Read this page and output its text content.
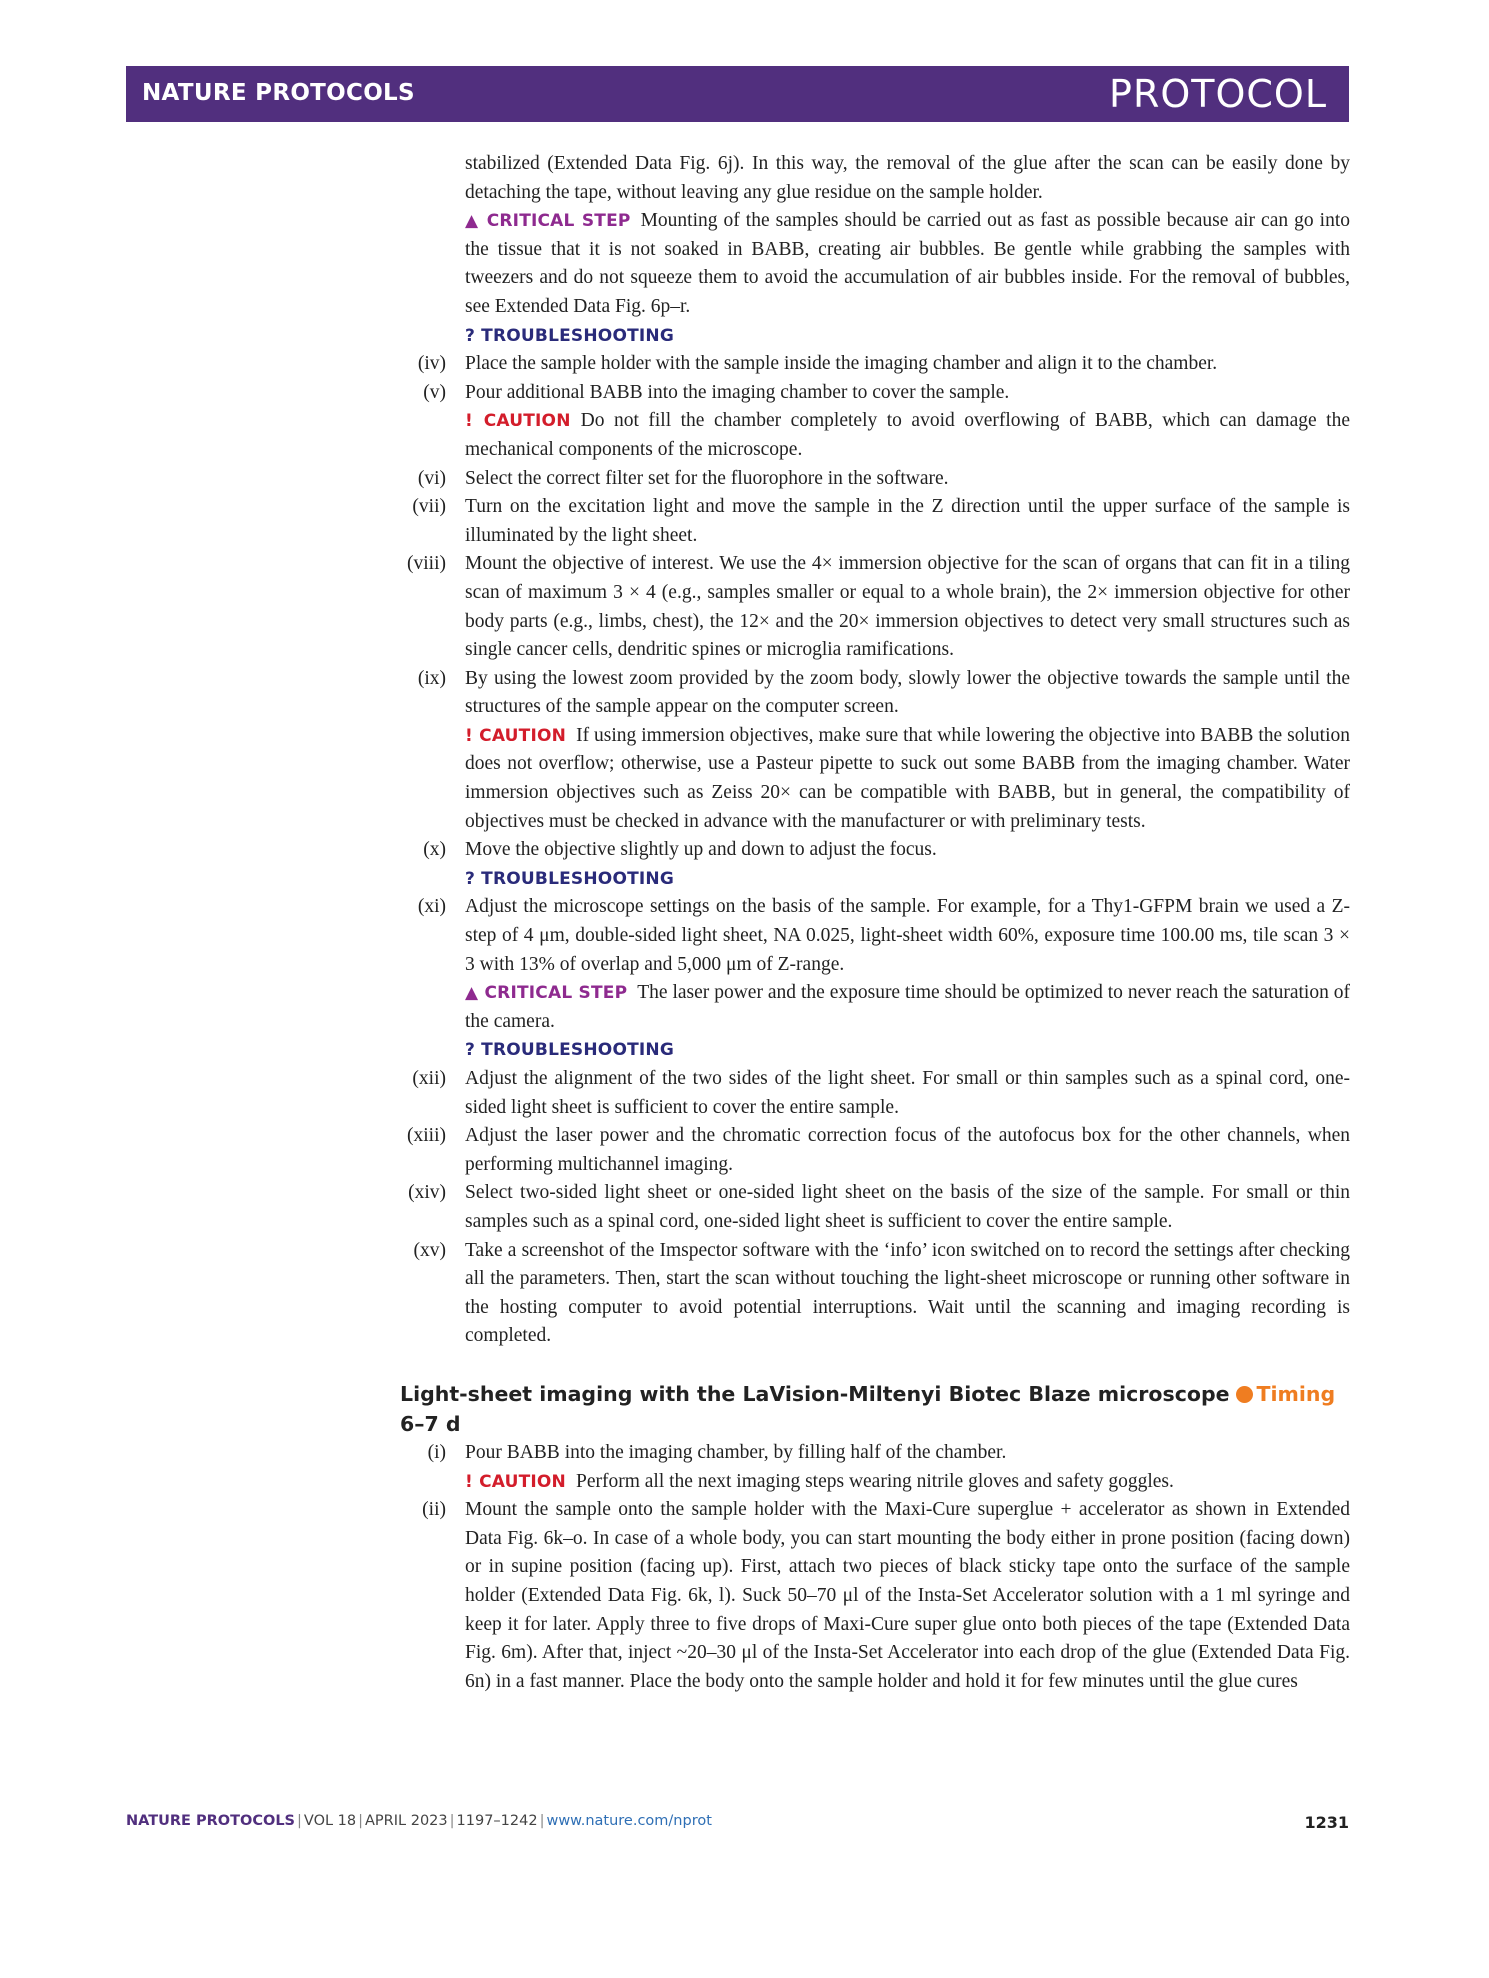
NATURE PROTOCOLS	PROTOCOL
stabilized (Extended Data Fig. 6j). In this way, the removal of the glue after the scan can be easily done by detaching the tape, without leaving any glue residue on the sample holder.
▲ CRITICAL STEP Mounting of the samples should be carried out as fast as possible because air can go into the tissue that it is not soaked in BABB, creating air bubbles. Be gentle while grabbing the samples with tweezers and do not squeeze them to avoid the accumulation of air bubbles inside. For the removal of bubbles, see Extended Data Fig. 6p–r.
? TROUBLESHOOTING
(iv) Place the sample holder with the sample inside the imaging chamber and align it to the chamber.
(v) Pour additional BABB into the imaging chamber to cover the sample.
! CAUTION Do not fill the chamber completely to avoid overflowing of BABB, which can damage the mechanical components of the microscope.
(vi) Select the correct filter set for the fluorophore in the software.
(vii) Turn on the excitation light and move the sample in the Z direction until the upper surface of the sample is illuminated by the light sheet.
(viii) Mount the objective of interest. We use the 4× immersion objective for the scan of organs that can fit in a tiling scan of maximum 3 × 4 (e.g., samples smaller or equal to a whole brain), the 2× immersion objective for other body parts (e.g., limbs, chest), the 12× and the 20× immersion objectives to detect very small structures such as single cancer cells, dendritic spines or microglia ramifications.
(ix) By using the lowest zoom provided by the zoom body, slowly lower the objective towards the sample until the structures of the sample appear on the computer screen.
! CAUTION If using immersion objectives, make sure that while lowering the objective into BABB the solution does not overflow; otherwise, use a Pasteur pipette to suck out some BABB from the imaging chamber. Water immersion objectives such as Zeiss 20× can be compatible with BABB, but in general, the compatibility of objectives must be checked in advance with the manufacturer or with preliminary tests.
(x) Move the objective slightly up and down to adjust the focus.
? TROUBLESHOOTING
(xi) Adjust the microscope settings on the basis of the sample. For example, for a Thy1-GFPM brain we used a Z-step of 4 μm, double-sided light sheet, NA 0.025, light-sheet width 60%, exposure time 100.00 ms, tile scan 3 × 3 with 13% of overlap and 5,000 μm of Z-range.
▲ CRITICAL STEP The laser power and the exposure time should be optimized to never reach the saturation of the camera.
? TROUBLESHOOTING
(xii) Adjust the alignment of the two sides of the light sheet. For small or thin samples such as a spinal cord, one-sided light sheet is sufficient to cover the entire sample.
(xiii) Adjust the laser power and the chromatic correction focus of the autofocus box for the other channels, when performing multichannel imaging.
(xiv) Select two-sided light sheet or one-sided light sheet on the basis of the size of the sample. For small or thin samples such as a spinal cord, one-sided light sheet is sufficient to cover the entire sample.
(xv) Take a screenshot of the Imspector software with the ‘info’ icon switched on to record the settings after checking all the parameters. Then, start the scan without touching the light-sheet microscope or running other software in the hosting computer to avoid potential interruptions. Wait until the scanning and imaging recording is completed.
Light-sheet imaging with the LaVision-Miltenyi Biotec Blaze microscope Timing 6–7 d
(i) Pour BABB into the imaging chamber, by filling half of the chamber.
! CAUTION Perform all the next imaging steps wearing nitrile gloves and safety goggles.
(ii) Mount the sample onto the sample holder with the Maxi-Cure superglue + accelerator as shown in Extended Data Fig. 6k–o. In case of a whole body, you can start mounting the body either in prone position (facing down) or in supine position (facing up). First, attach two pieces of black sticky tape onto the surface of the sample holder (Extended Data Fig. 6k, l). Suck 50–70 μl of the Insta-Set Accelerator solution with a 1 ml syringe and keep it for later. Apply three to five drops of Maxi-Cure super glue onto both pieces of the tape (Extended Data Fig. 6m). After that, inject ~20–30 μl of the Insta-Set Accelerator into each drop of the glue (Extended Data Fig. 6n) in a fast manner. Place the body onto the sample holder and hold it for few minutes until the glue cures
NATURE PROTOCOLS | VOL 18 | APRIL 2023 | 1197–1242 | www.nature.com/nprot	1231
